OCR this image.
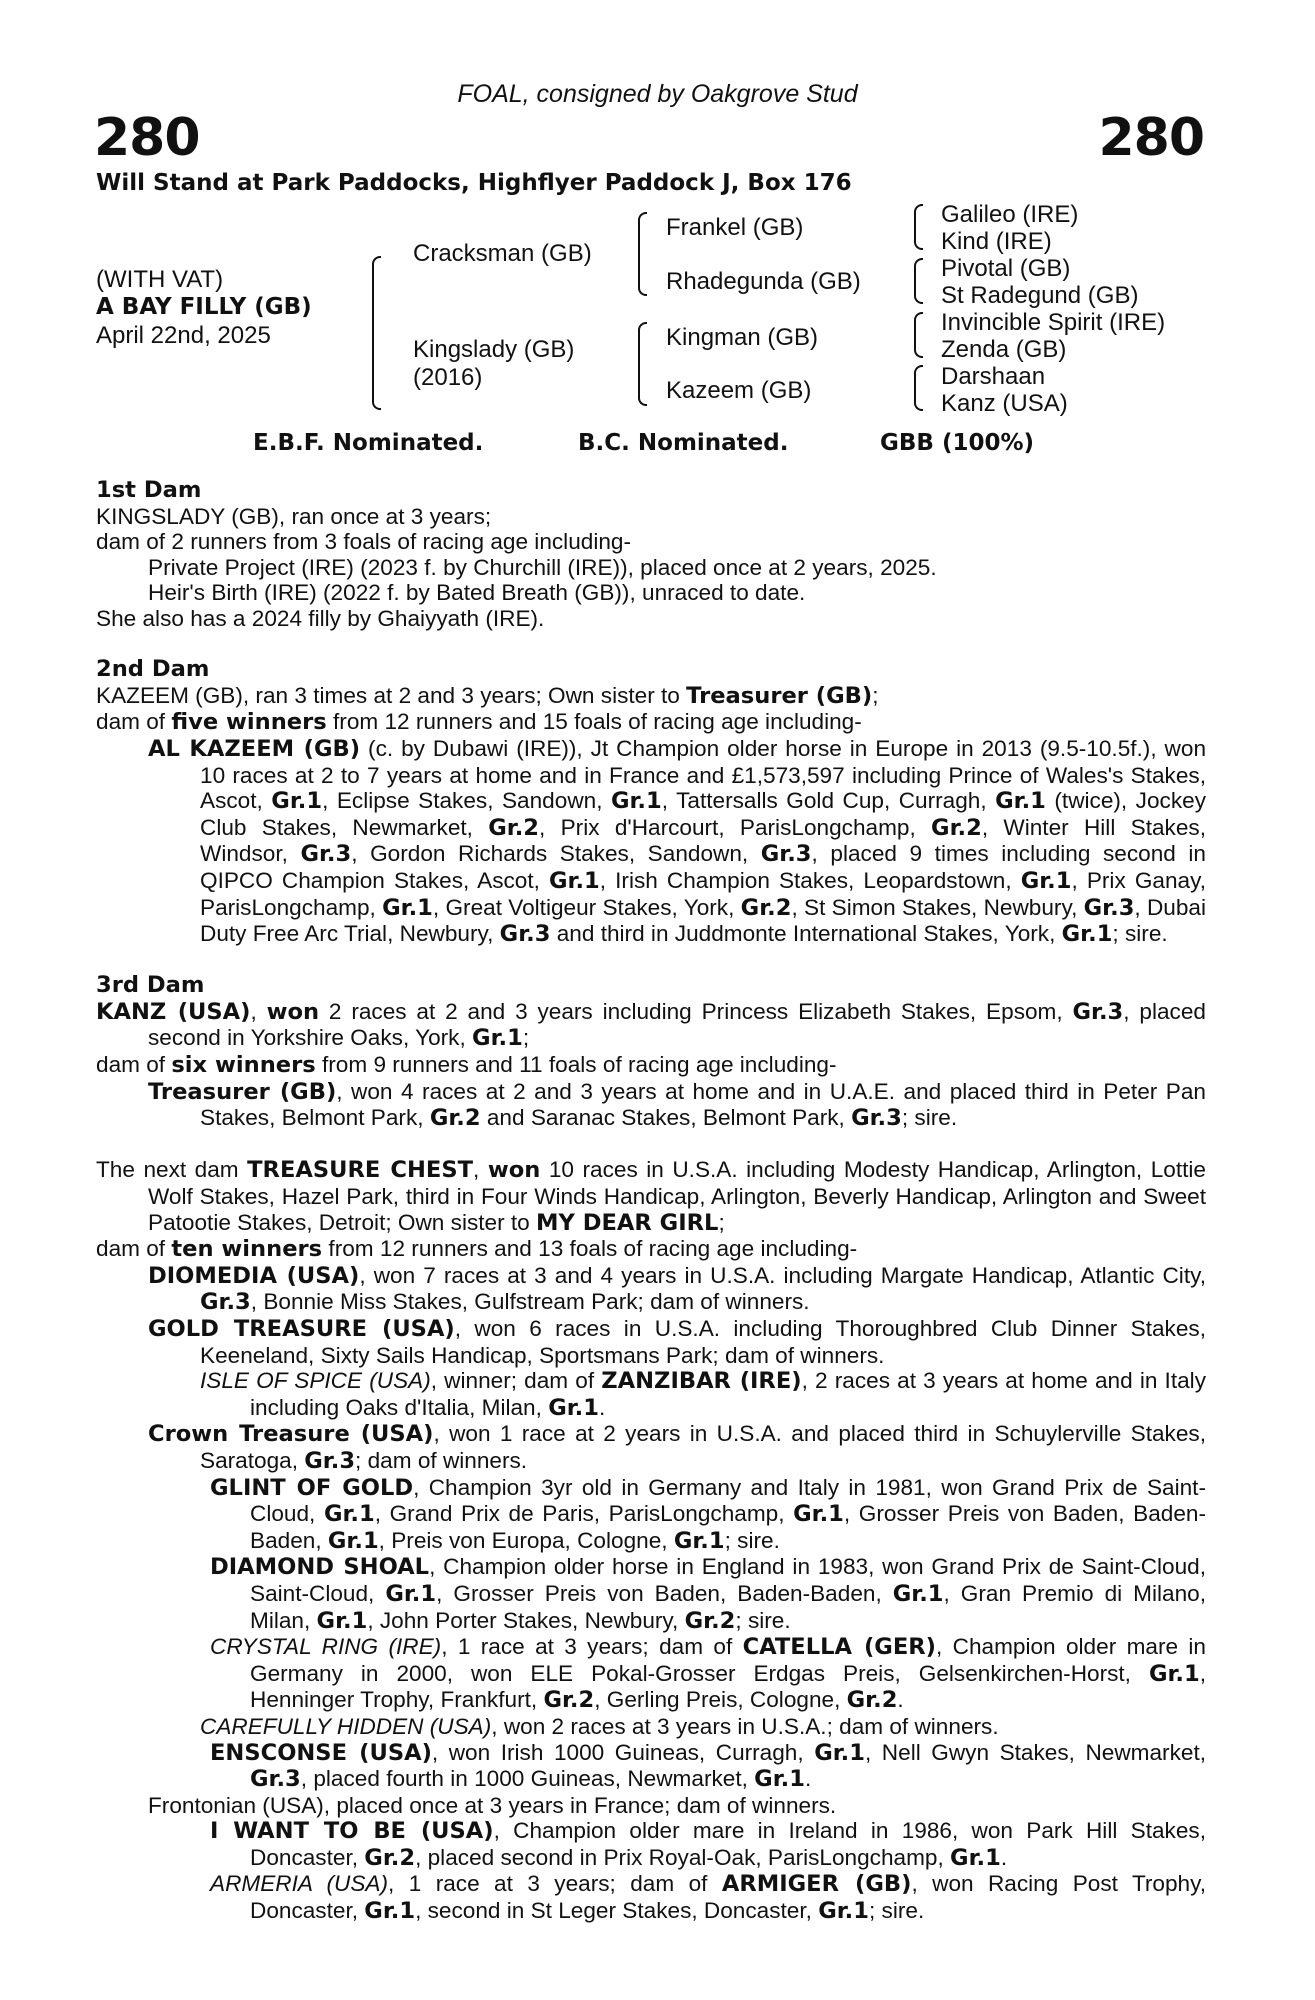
FOAL, consigned by Oakgrove Stud
280	280
Will Stand at Park Paddocks, Highflyer Paddock J, Box 176
(WITH VAT)
A BAY FILLY (GB)
April 22nd, 2025
Cracksman (GB)
Kingslady (GB)
(2016)
Frankel (GB)
Rhadegunda (GB)
Kingman (GB)
Kazeem (GB)
Galileo (IRE)
Kind (IRE)
Pivotal (GB)
St Radegund (GB)
Invincible Spirit (IRE)
Zenda (GB)
Darshaan
Kanz (USA)
E.B.F. Nominated.	B.C. Nominated.	GBB (100%)

1st Dam

KINGSLADY (GB), ran once at 3 years;

dam of 2 runners from 3 foals of racing age including-

Private Project (IRE) (2023 f. by Churchill (IRE)), placed once at 2 years, 2025.

Heir's Birth (IRE) (2022 f. by Bated Breath (GB)), unraced to date.

She also has a 2024 filly by Ghaiyyath (IRE).

2nd Dam

KAZEEM (GB), ran 3 times at 2 and 3 years; Own sister to Treasurer (GB);

dam of five winners from 12 runners and 15 foals of racing age including-

AL KAZEEM (GB) (c. by Dubawi (IRE)), Jt Champion older horse in Europe in 2013 (9.5-10.5f.), won 10 races at 2 to 7 years at home and in France and £1,573,597 including Prince of Wales's Stakes, Ascot, Gr.1, Eclipse Stakes, Sandown, Gr.1, Tattersalls Gold Cup, Curragh, Gr.1 (twice), Jockey Club Stakes, Newmarket, Gr.2, Prix d'Harcourt, ParisLongchamp, Gr.2, Winter Hill Stakes, Windsor, Gr.3, Gordon Richards Stakes, Sandown, Gr.3, placed 9 times including second in QIPCO Champion Stakes, Ascot, Gr.1, Irish Champion Stakes, Leopardstown, Gr.1, Prix Ganay, ParisLongchamp, Gr.1, Great Voltigeur Stakes, York, Gr.2, St Simon Stakes, Newbury, Gr.3, Dubai Duty Free Arc Trial, Newbury, Gr.3 and third in Juddmonte International Stakes, York, Gr.1; sire.

3rd Dam

KANZ (USA), won 2 races at 2 and 3 years including Princess Elizabeth Stakes, Epsom, Gr.3, placed second in Yorkshire Oaks, York, Gr.1;

dam of six winners from 9 runners and 11 foals of racing age including-

Treasurer (GB), won 4 races at 2 and 3 years at home and in U.A.E. and placed third in Peter Pan Stakes, Belmont Park, Gr.2 and Saranac Stakes, Belmont Park, Gr.3; sire.

The next dam TREASURE CHEST, won 10 races in U.S.A. including Modesty Handicap, Arlington, Lottie Wolf Stakes, Hazel Park, third in Four Winds Handicap, Arlington, Beverly Handicap, Arlington and Sweet Patootie Stakes, Detroit; Own sister to MY DEAR GIRL;

dam of ten winners from 12 runners and 13 foals of racing age including-

DIOMEDIA (USA), won 7 races at 3 and 4 years in U.S.A. including Margate Handicap, Atlantic City, Gr.3, Bonnie Miss Stakes, Gulfstream Park; dam of winners.

GOLD TREASURE (USA), won 6 races in U.S.A. including Thoroughbred Club Dinner Stakes, Keeneland, Sixty Sails Handicap, Sportsmans Park; dam of winners.

ISLE OF SPICE (USA), winner; dam of ZANZIBAR (IRE), 2 races at 3 years at home and in Italy including Oaks d'Italia, Milan, Gr.1.

Crown Treasure (USA), won 1 race at 2 years in U.S.A. and placed third in Schuylerville Stakes, Saratoga, Gr.3; dam of winners.

GLINT OF GOLD, Champion 3yr old in Germany and Italy in 1981, won Grand Prix de Saint-Cloud, Gr.1, Grand Prix de Paris, ParisLongchamp, Gr.1, Grosser Preis von Baden, Baden-Baden, Gr.1, Preis von Europa, Cologne, Gr.1; sire.

DIAMOND SHOAL, Champion older horse in England in 1983, won Grand Prix de Saint-Cloud, Saint-Cloud, Gr.1, Grosser Preis von Baden, Baden-Baden, Gr.1, Gran Premio di Milano, Milan, Gr.1, John Porter Stakes, Newbury, Gr.2; sire.

CRYSTAL RING (IRE), 1 race at 3 years; dam of CATELLA (GER), Champion older mare in Germany in 2000, won ELE Pokal-Grosser Erdgas Preis, Gelsenkirchen-Horst, Gr.1, Henninger Trophy, Frankfurt, Gr.2, Gerling Preis, Cologne, Gr.2.

CAREFULLY HIDDEN (USA), won 2 races at 3 years in U.S.A.; dam of winners.

ENSCONSE (USA), won Irish 1000 Guineas, Curragh, Gr.1, Nell Gwyn Stakes, Newmarket, Gr.3, placed fourth in 1000 Guineas, Newmarket, Gr.1.

Frontonian (USA), placed once at 3 years in France; dam of winners.

I WANT TO BE (USA), Champion older mare in Ireland in 1986, won Park Hill Stakes, Doncaster, Gr.2, placed second in Prix Royal-Oak, ParisLongchamp, Gr.1.

ARMERIA (USA), 1 race at 3 years; dam of ARMIGER (GB), won Racing Post Trophy, Doncaster, Gr.1, second in St Leger Stakes, Doncaster, Gr.1; sire.
